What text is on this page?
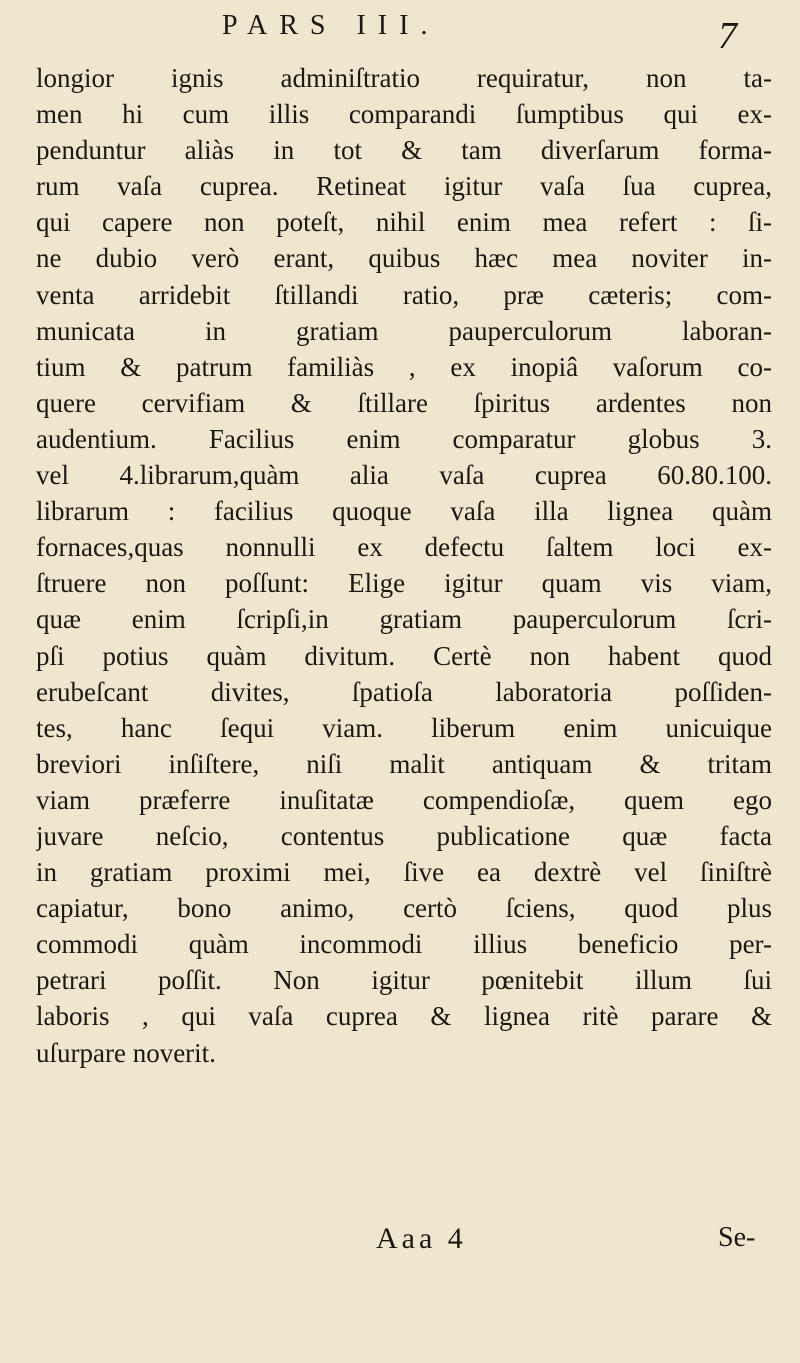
PARS III.	7
longior ignis adminiſtratio requiratur, non ta-
men hi cum illis comparandi ſumptibus qui ex-
penduntur aliàs in tot & tam diverſarum forma-
rum vaſa cuprea. Retineat igitur vaſa ſua cuprea,
qui capere non poteſt, nihil enim mea refert : ſi-
ne dubio verò erant, quibus hæc mea noviter in-
venta arridebit ſtillandi ratio, præ cæteris; com-
municata in gratiam pauperculorum laboran-
tium & patrum familiàs , ex inopiâ vaſorum co-
quere cervifiam & ſtillare ſpiritus ardentes non
audentium. Facilius enim comparatur globus 3.
vel 4.librarum,quàm alia vaſa cuprea 60.80.100.
librarum : facilius quoque vaſa illa lignea quàm
fornaces,quas nonnulli ex defectu ſaltem loci ex-
ſtruere non poſſunt: Elige igitur quam vis viam,
quæ enim ſcripſi,in gratiam pauperculorum ſcri-
pſi potius quàm divitum. Certè non habent quod
erubeſcant divites, ſpatioſa laboratoria poſſiden-
tes, hanc ſequi viam. liberum enim unicuique
breviori inſiſtere, niſi malit antiquam & tritam
viam præferre inuſitatæ compendioſæ, quem ego
juvare neſcio, contentus publicatione quæ facta
in gratiam proximi mei, ſive ea dextrè vel ſiniſtrè
capiatur, bono animo, certò ſciens, quod plus
commodi quàm incommodi illius beneficio per-
petrari poſſit. Non igitur pœnitebit illum ſui
laboris , qui vaſa cuprea & lignea ritè parare &
uſurpare noverit.
Aaa 4	Se-
